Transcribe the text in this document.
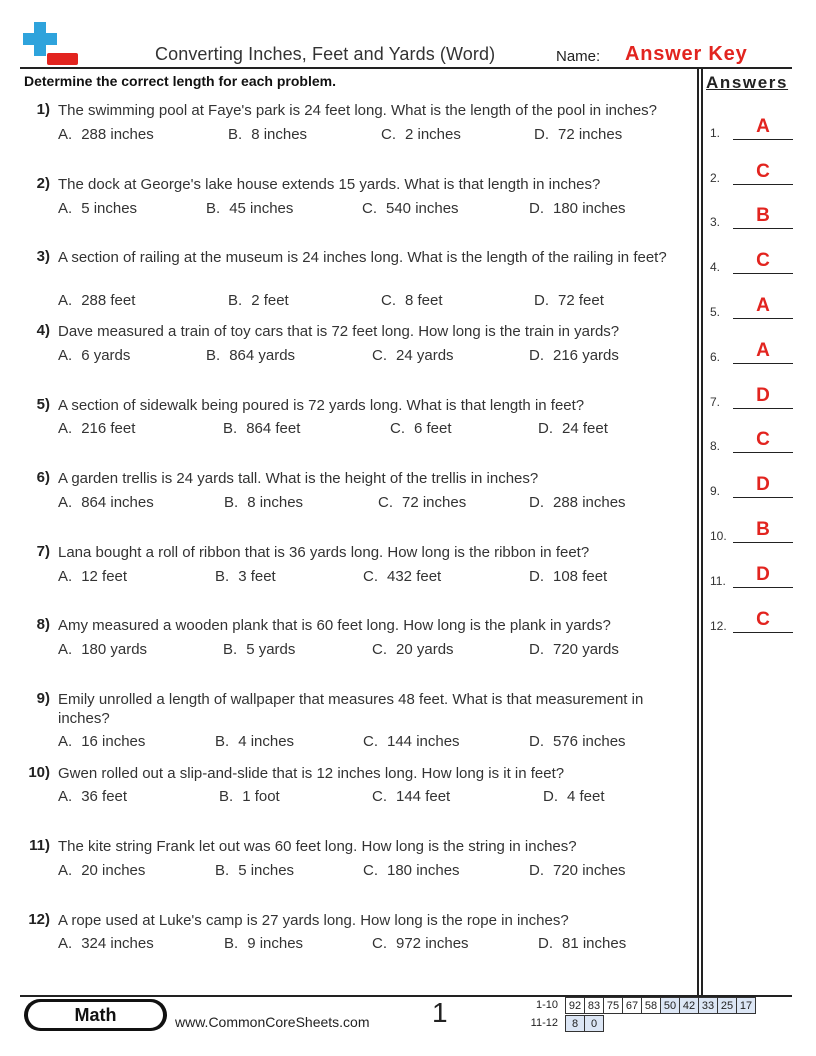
Converting Inches, Feet and Yards (Word)	Name: Answer Key
Determine the correct length for each problem.	Answers
1) The swimming pool at Faye's park is 24 feet long. What is the length of the pool in inches?
A. 288 inches	B. 8 inches	C. 2 inches	D. 72 inches
2) The dock at George's lake house extends 15 yards. What is that length in inches?
A. 5 inches	B. 45 inches	C. 540 inches	D. 180 inches
3) A section of railing at the museum is 24 inches long. What is the length of the railing in feet?
A. 288 feet	B. 2 feet	C. 8 feet	D. 72 feet
4) Dave measured a train of toy cars that is 72 feet long. How long is the train in yards?
A. 6 yards	B. 864 yards	C. 24 yards	D. 216 yards
5) A section of sidewalk being poured is 72 yards long. What is that length in feet?
A. 216 feet	B. 864 feet	C. 6 feet	D. 24 feet
6) A garden trellis is 24 yards tall. What is the height of the trellis in inches?
A. 864 inches	B. 8 inches	C. 72 inches	D. 288 inches
7) Lana bought a roll of ribbon that is 36 yards long. How long is the ribbon in feet?
A. 12 feet	B. 3 feet	C. 432 feet	D. 108 feet
8) Amy measured a wooden plank that is 60 feet long. How long is the plank in yards?
A. 180 yards	B. 5 yards	C. 20 yards	D. 720 yards
9) Emily unrolled a length of wallpaper that measures 48 feet. What is that measurement in inches?
A. 16 inches	B. 4 inches	C. 144 inches	D. 576 inches
10) Gwen rolled out a slip-and-slide that is 12 inches long. How long is it in feet?
A. 36 feet	B. 1 foot	C. 144 feet	D. 4 feet
11) The kite string Frank let out was 60 feet long. How long is the string in inches?
A. 20 inches	B. 5 inches	C. 180 inches	D. 720 inches
12) A rope used at Luke's camp is 27 yards long. How long is the rope in inches?
A. 324 inches	B. 9 inches	C. 972 inches	D. 81 inches
1.	A
2.	C
3.	B
4.	C
5.	A
6.	A
7.	D
8.	C
9.	D
10.	B
11.	D
12.	C
Math	www.CommonCoreSheets.com 1	1-10 92	83	75	67	58	50	42	33	25	17
11-12 8	0
